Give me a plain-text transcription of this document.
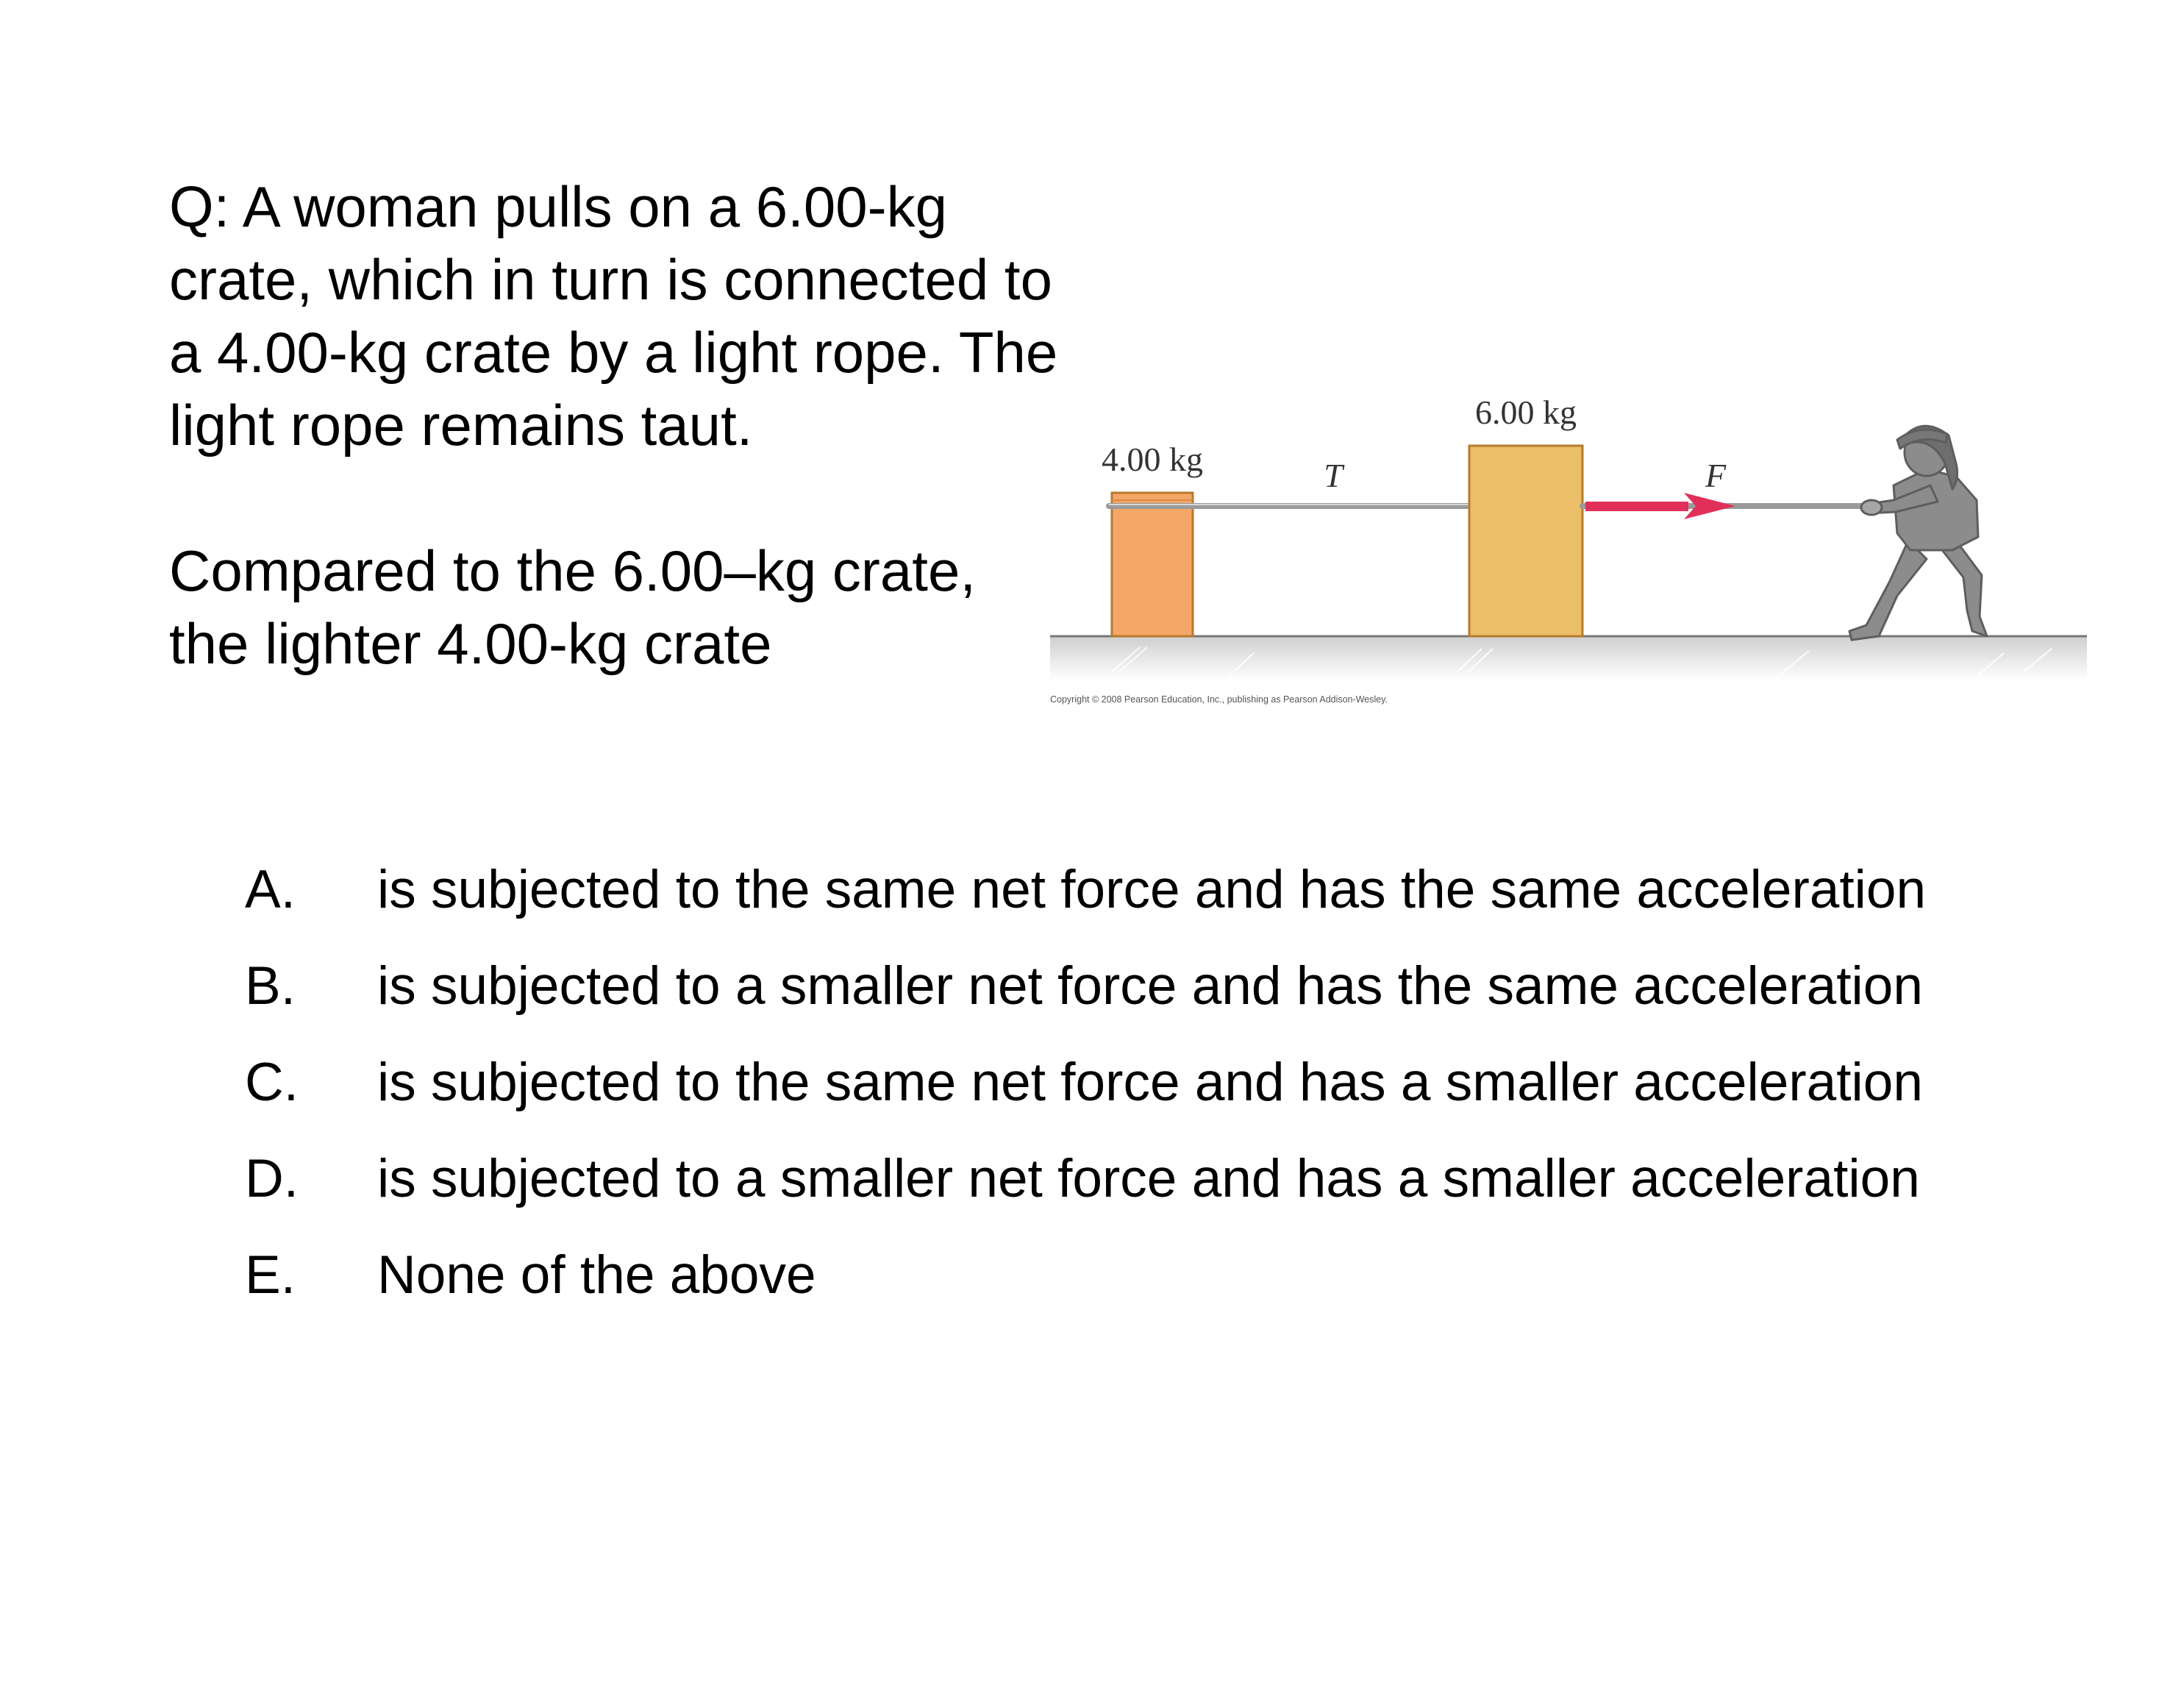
Q: A woman pulls on a 6.00-kg
crate, which in turn is connected to
a 4.00-kg crate by a light rope. The
light rope remains taut.
Compared to the 6.00–kg crate,
the lighter 4.00-kg crate
4.00 kg	T
6.00 kg
F
Copyright © 2008 Pearson Education, Inc., publishing as Pearson Addison-Wesley.
A.	is subjected to the same net force and has the same acceleration
B.	is subjected to a smaller net force and has the same acceleration
C.	is subjected to the same net force and has a smaller acceleration
D.	is subjected to a smaller net force and has a smaller acceleration
E.	None of the above
